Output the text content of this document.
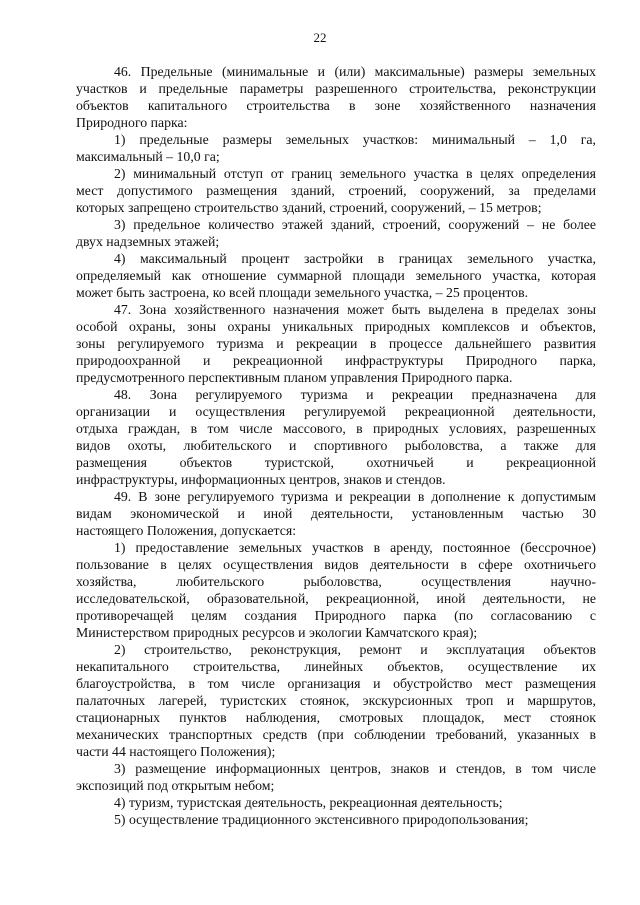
22
46. Предельные (минимальные и (или) максимальные) размеры земельных
участков и предельные параметры разрешенного строительства, реконструкции
объектов капитального строительства в зоне хозяйственного назначения
Природного парка:
1) предельные размеры земельных участков: минимальный – 1,0 га,
максимальный – 10,0 га;
2) минимальный отступ от границ земельного участка в целях определения
мест допустимого размещения зданий, строений, сооружений, за пределами
которых запрещено строительство зданий, строений, сооружений, – 15 метров;
3) предельное количество этажей зданий, строений, сооружений – не более
двух надземных этажей;
4) максимальный процент застройки в границах земельного участка,
определяемый как отношение суммарной площади земельного участка, которая
может быть застроена, ко всей площади земельного участка, – 25 процентов.
47. Зона хозяйственного назначения может быть выделена в пределах зоны
особой охраны, зоны охраны уникальных природных комплексов и объектов,
зоны регулируемого туризма и рекреации в процессе дальнейшего развития
природоохранной и рекреационной инфраструктуры Природного парка,
предусмотренного перспективным планом управления Природного парка.
48. Зона регулируемого туризма и рекреации предназначена для
организации и осуществления регулируемой рекреационной деятельности,
отдыха граждан, в том числе массового, в природных условиях, разрешенных
видов охоты, любительского и спортивного рыболовства, а также для
размещения объектов туристской, охотничьей и рекреационной
инфраструктуры, информационных центров, знаков и стендов.
49. В зоне регулируемого туризма и рекреации в дополнение к допустимым
видам экономической и иной деятельности, установленным частью 30
настоящего Положения, допускается:
1) предоставление земельных участков в аренду, постоянное (бессрочное)
пользование в целях осуществления видов деятельности в сфере охотничьего
хозяйства, любительского рыболовства, осуществления научно-
исследовательской, образовательной, рекреационной, иной деятельности, не
противоречащей целям создания Природного парка (по согласованию с
Министерством природных ресурсов и экологии Камчатского края);
2) строительство, реконструкция, ремонт и эксплуатация объектов
некапитального строительства, линейных объектов, осуществление их
благоустройства, в том числе организация и обустройство мест размещения
палаточных лагерей, туристских стоянок, экскурсионных троп и маршрутов,
стационарных пунктов наблюдения, смотровых площадок, мест стоянок
механических транспортных средств (при соблюдении требований, указанных в
части 44 настоящего Положения);
3) размещение информационных центров, знаков и стендов, в том числе
экспозиций под открытым небом;
4) туризм, туристская деятельность, рекреационная деятельность;
5) осуществление традиционного экстенсивного природопользования;
